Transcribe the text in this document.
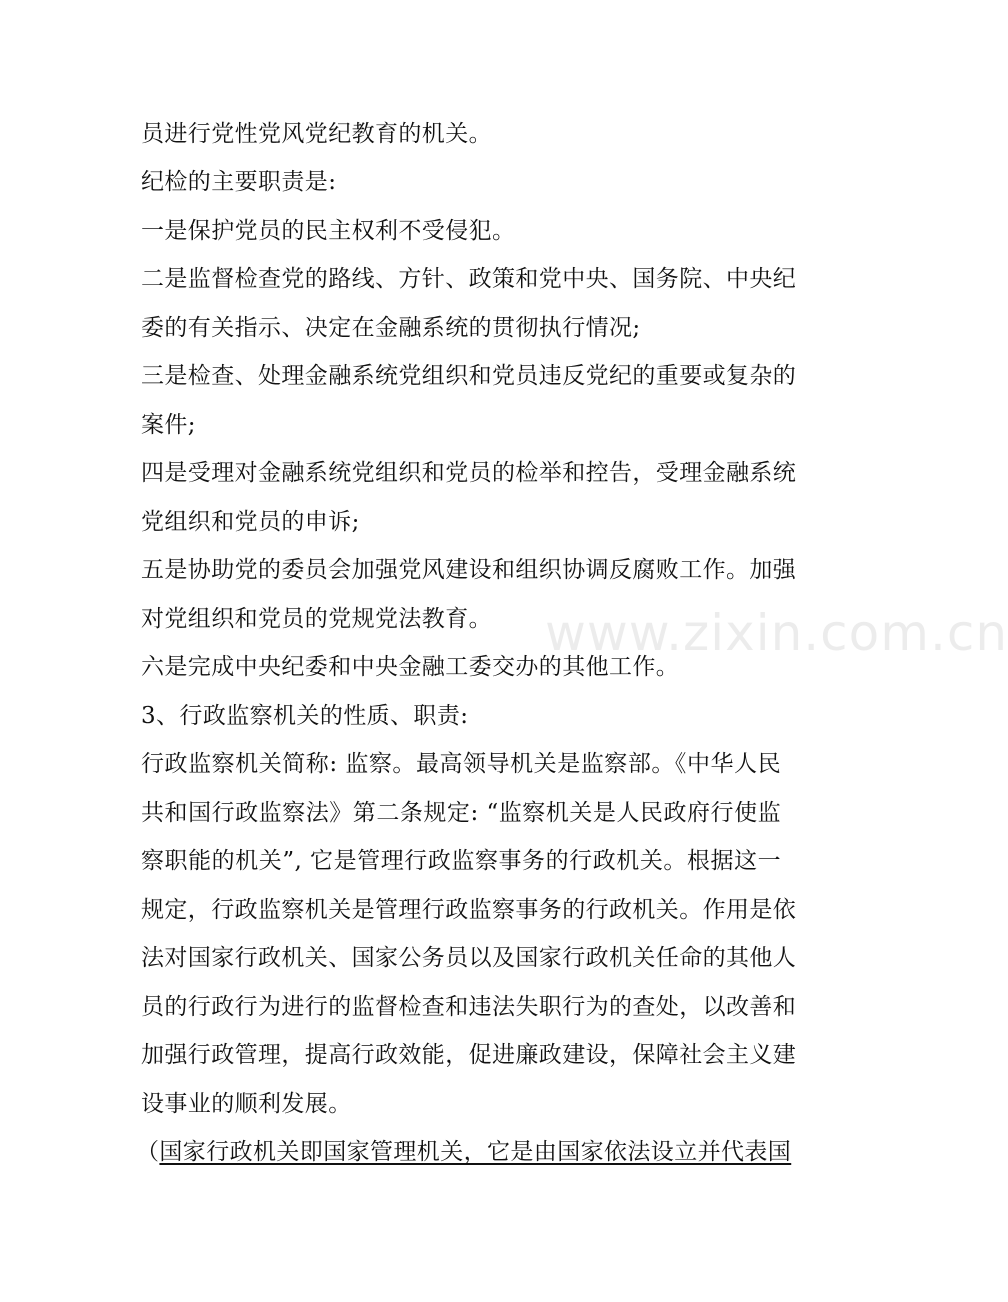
员进行党性党风党纪教育的机关。
纪检的主要职责是:
一是保护党员的民主权利不受侵犯。
二是监督检查党的路线、方针、政策和党中央、国务院、中央纪
委的有关指示、决定在金融系统的贯彻执行情况;
三是检查、处理金融系统党组织和党员违反党纪的重要或复杂的
案件;
四是受理对金融系统党组织和党员的检举和控告，受理金融系统
党组织和党员的申诉;
五是协助党的委员会加强党风建设和组织协调反腐败工作。加强
对党组织和党员的党规党法教育。
六是完成中央纪委和中央金融工委交办的其他工作。
3、行政监察机关的性质、职责:
行政监察机关简称: 监察。最高领导机关是监察部。《中华人民
共和国行政监察法》第二条规定: “监察机关是人民政府行使监
察职能的机关”, 它是管理行政监察事务的行政机关。根据这一
规定，行政监察机关是管理行政监察事务的行政机关。作用是依
法对国家行政机关、国家公务员以及国家行政机关任命的其他人
员的行政行为进行的监督检查和违法失职行为的查处，以改善和
加强行政管理，提高行政效能，促进廉政建设，保障社会主义建
设事业的顺利发展。
（国家行政机关即国家管理机关，它是由国家依法设立并代表国
www.zixin.com.cn
